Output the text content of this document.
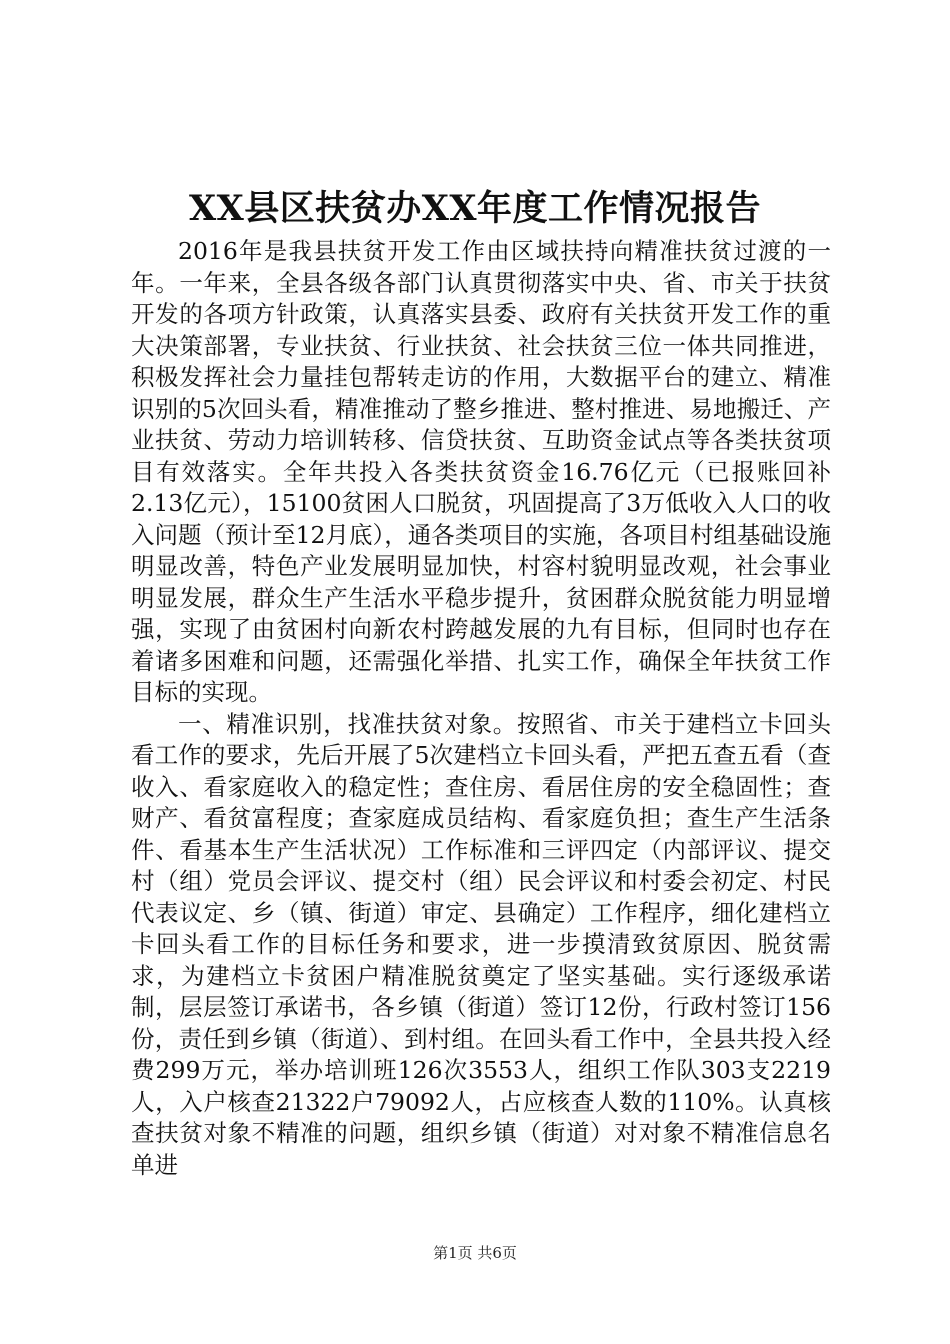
XX县区扶贫办XX年度工作情况报告

2016年是我县扶贫开发工作由区域扶持向精准扶贫过渡的一年。一年来，全县各级各部门认真贯彻落实中央、省、市关于扶贫开发的各项方针政策，认真落实县委、政府有关扶贫开发工作的重大决策部署，专业扶贫、行业扶贫、社会扶贫三位一体共同推进，积极发挥社会力量挂包帮转走访的作用，大数据平台的建立、精准识别的5次回头看，精准推动了整乡推进、整村推进、易地搬迁、产业扶贫、劳动力培训转移、信贷扶贫、互助资金试点等各类扶贫项目有效落实。全年共投入各类扶贫资金16.76亿元（已报账回补2.13亿元），15100贫困人口脱贫，巩固提高了3万低收入人口的收入问题（预计至12月底），通各类项目的实施，各项目村组基础设施明显改善，特色产业发展明显加快，村容村貌明显改观，社会事业明显发展，群众生产生活水平稳步提升，贫困群众脱贫能力明显增强，实现了由贫困村向新农村跨越发展的九有目标，但同时也存在着诸多困难和问题，还需强化举措、扎实工作，确保全年扶贫工作目标的实现。

一、精准识别，找准扶贫对象。按照省、市关于建档立卡回头看工作的要求，先后开展了5次建档立卡回头看，严把五查五看（查收入、看家庭收入的稳定性；查住房、看居住房的安全稳固性；查财产、看贫富程度；查家庭成员结构、看家庭负担；查生产生活条件、看基本生产生活状况）工作标准和三评四定（内部评议、提交村（组）党员会评议、提交村（组）民会评议和村委会初定、村民代表议定、乡（镇、街道）审定、县确定）工作程序，细化建档立卡回头看工作的目标任务和要求，进一步摸清致贫原因、脱贫需求，为建档立卡贫困户精准脱贫奠定了坚实基础。实行逐级承诺制，层层签订承诺书，各乡镇（街道）签订12份，行政村签订156份，责任到乡镇（街道）、到村组。在回头看工作中，全县共投入经费299万元，举办培训班126次3553人，组织工作队303支2219人，入户核查21322户79092人，占应核查人数的110%。认真核查扶贫对象不精准的问题，组织乡镇（街道）对对象不精准信息名单进

第1页 共6页
